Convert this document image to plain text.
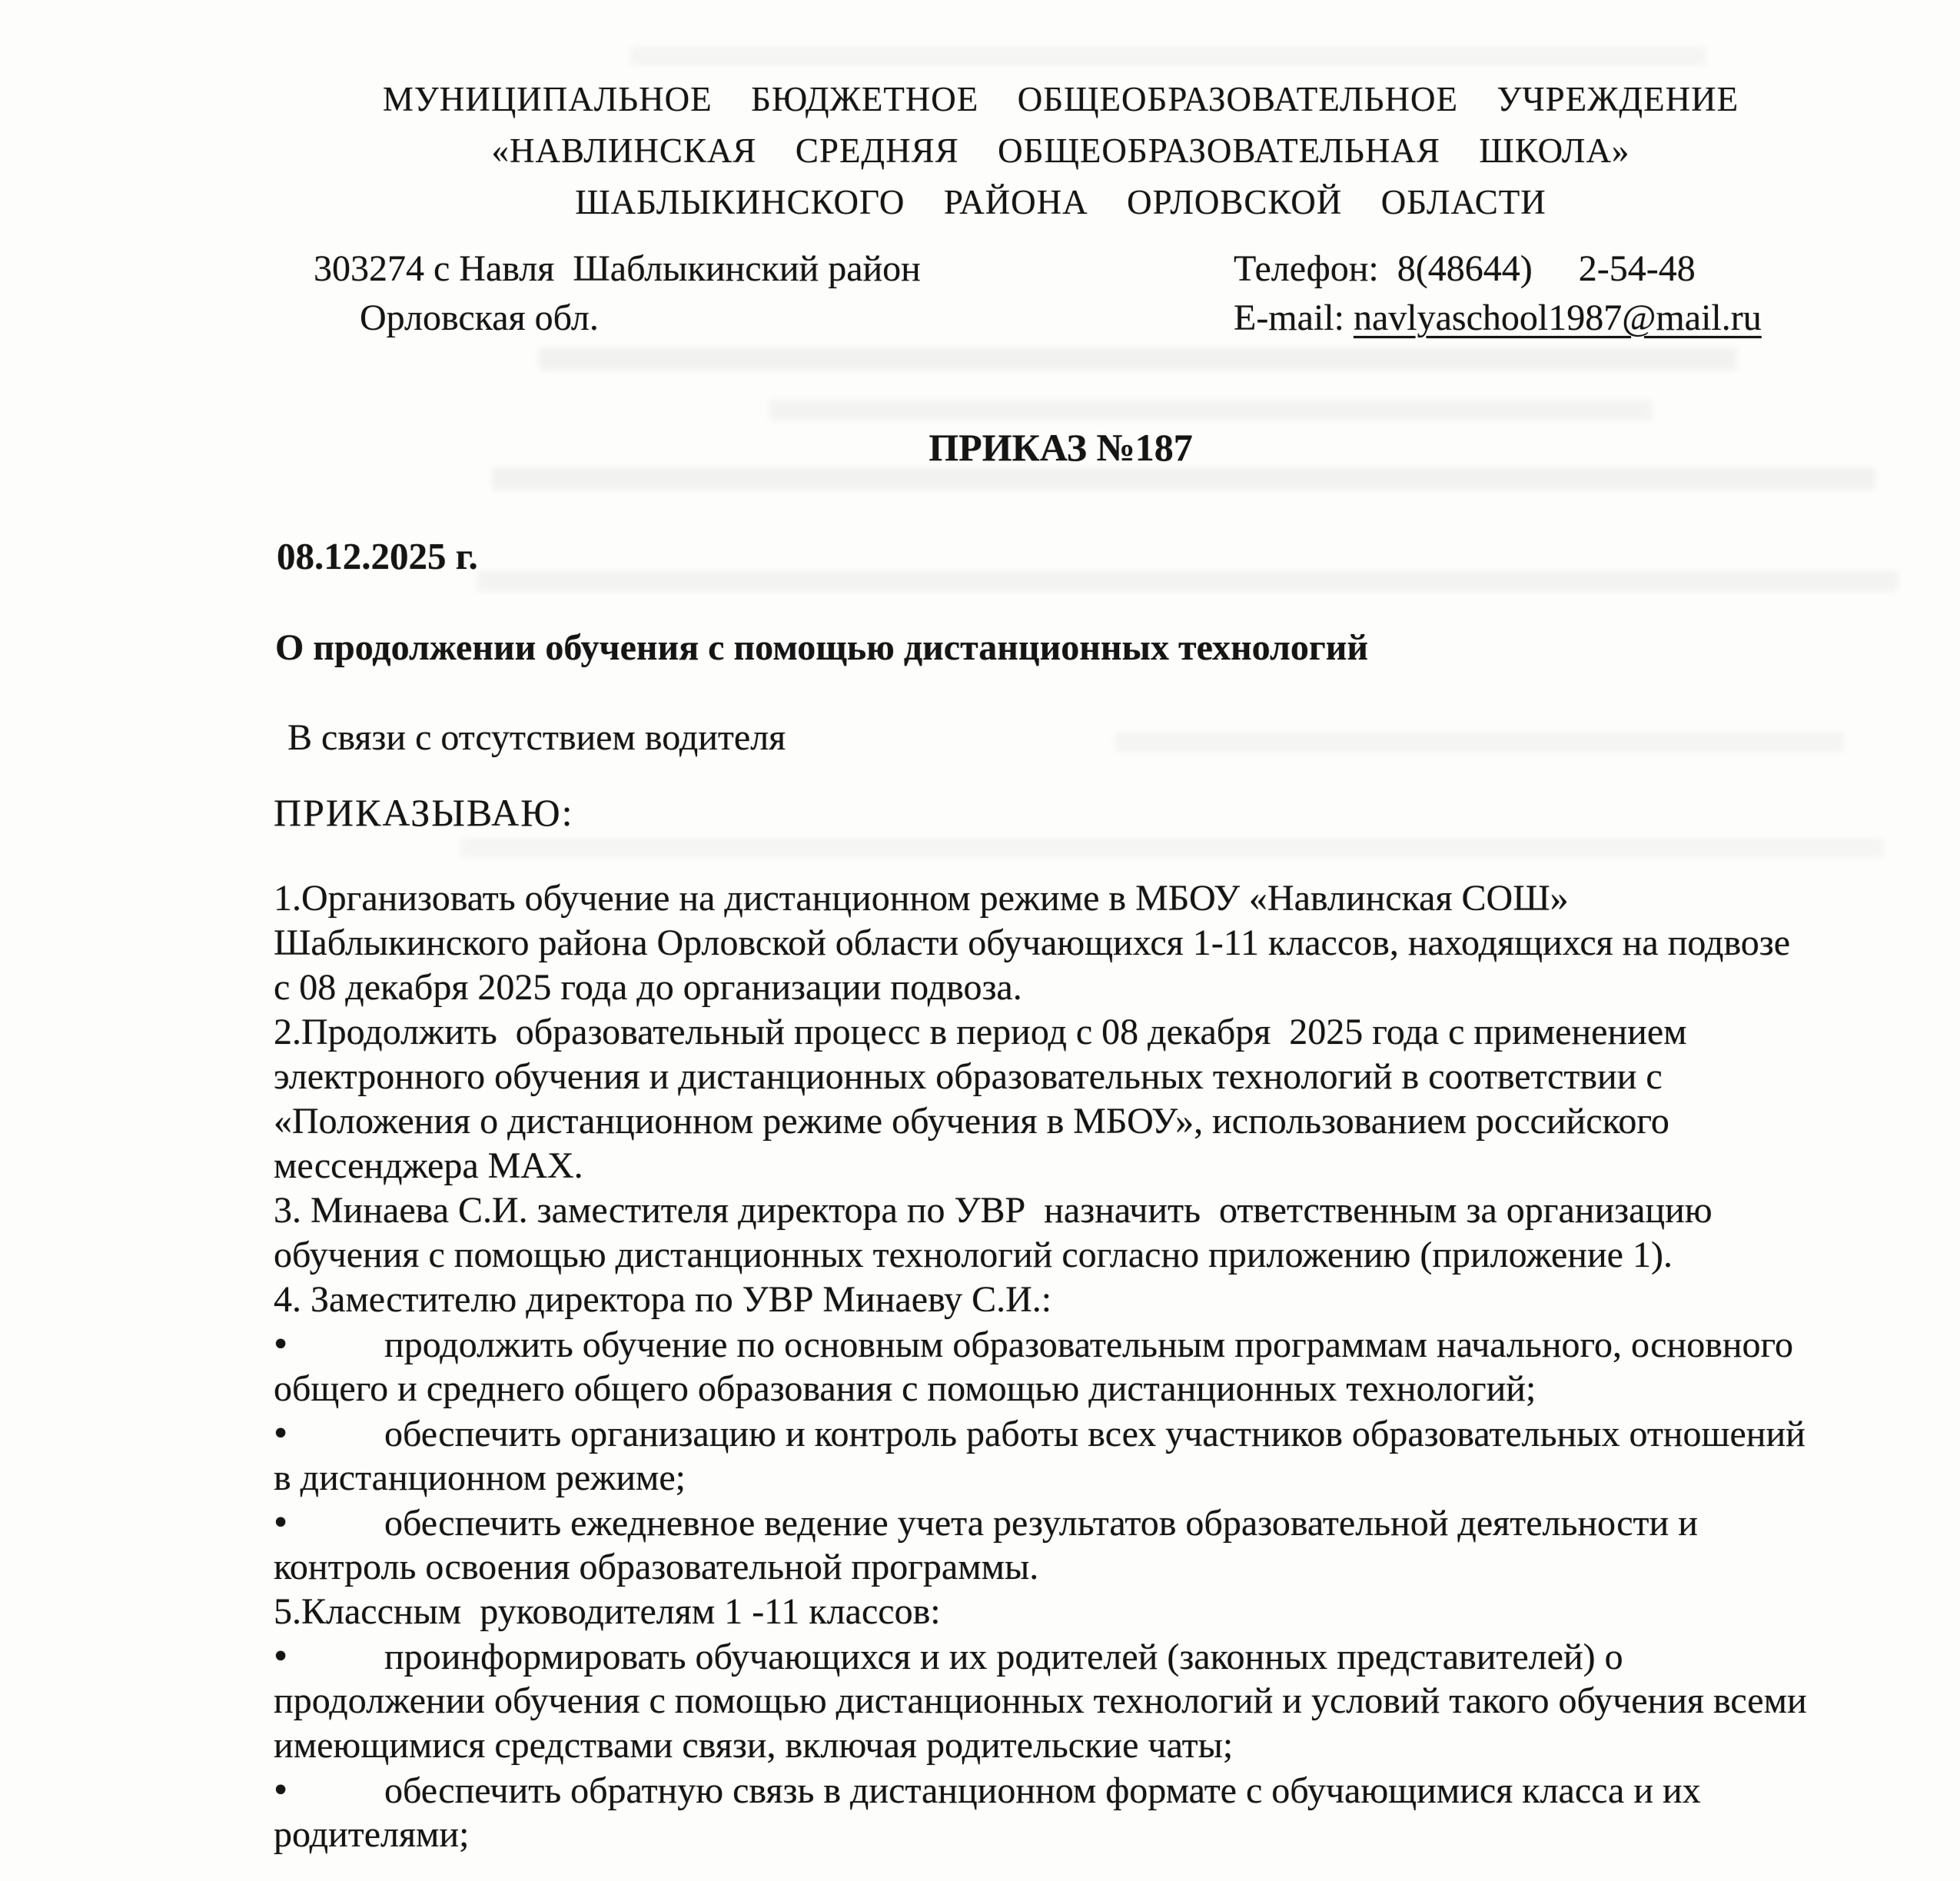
МУНИЦИПАЛЬНОЕ  БЮДЖЕТНОЕ  ОБЩЕОБРАЗОВАТЕЛЬНОЕ  УЧРЕЖДЕНИЕ
«НАВЛИНСКАЯ  СРЕДНЯЯ  ОБЩЕОБРАЗОВАТЕЛЬНАЯ  ШКОЛА»
ШАБЛЫКИНСКОГО  РАЙОНА  ОРЛОВСКОЙ  ОБЛАСТИ
303274 с Навля  Шаблыкинский район
Орловская обл.
Телефон:  8(48644)     2-54-48
E-mail: navlyaschool1987@mail.ru
ПРИКАЗ №187
08.12.2025 г.
О продолжении обучения с помощью дистанционных технологий
В связи с отсутствием водителя
ПРИКАЗЫВАЮ:
1.Организовать обучение на дистанционном режиме в МБОУ «Навлинская СОШ»
Шаблыкинского района Орловской области обучающихся 1-11 классов, находящихся на подвозе
с 08 декабря 2025 года до организации подвоза.
2.Продолжить  образовательный процесс в период с 08 декабря  2025 года с применением
электронного обучения и дистанционных образовательных технологий в соответствии с
«Положения о дистанционном режиме обучения в МБОУ», использованием российского
мессенджера MAX.
3. Минаева С.И. заместителя директора по УВР  назначить  ответственным за организацию
обучения с помощью дистанционных технологий согласно приложению (приложение 1).
4. Заместителю директора по УВР Минаеву С.И.:
•	продолжить обучение по основным образовательным программам начального, основного
общего и среднего общего образования с помощью дистанционных технологий;
•	обеспечить организацию и контроль работы всех участников образовательных отношений
в дистанционном режиме;
•	обеспечить ежедневное ведение учета результатов образовательной деятельности и
контроль освоения образовательной программы.
5.Классным  руководителям 1 -11 классов:
•	проинформировать обучающихся и их родителей (законных представителей) о
продолжении обучения с помощью дистанционных технологий и условий такого обучения всеми
имеющимися средствами связи, включая родительские чаты;
•	обеспечить обратную связь в дистанционном формате с обучающимися класса и их
родителями;
